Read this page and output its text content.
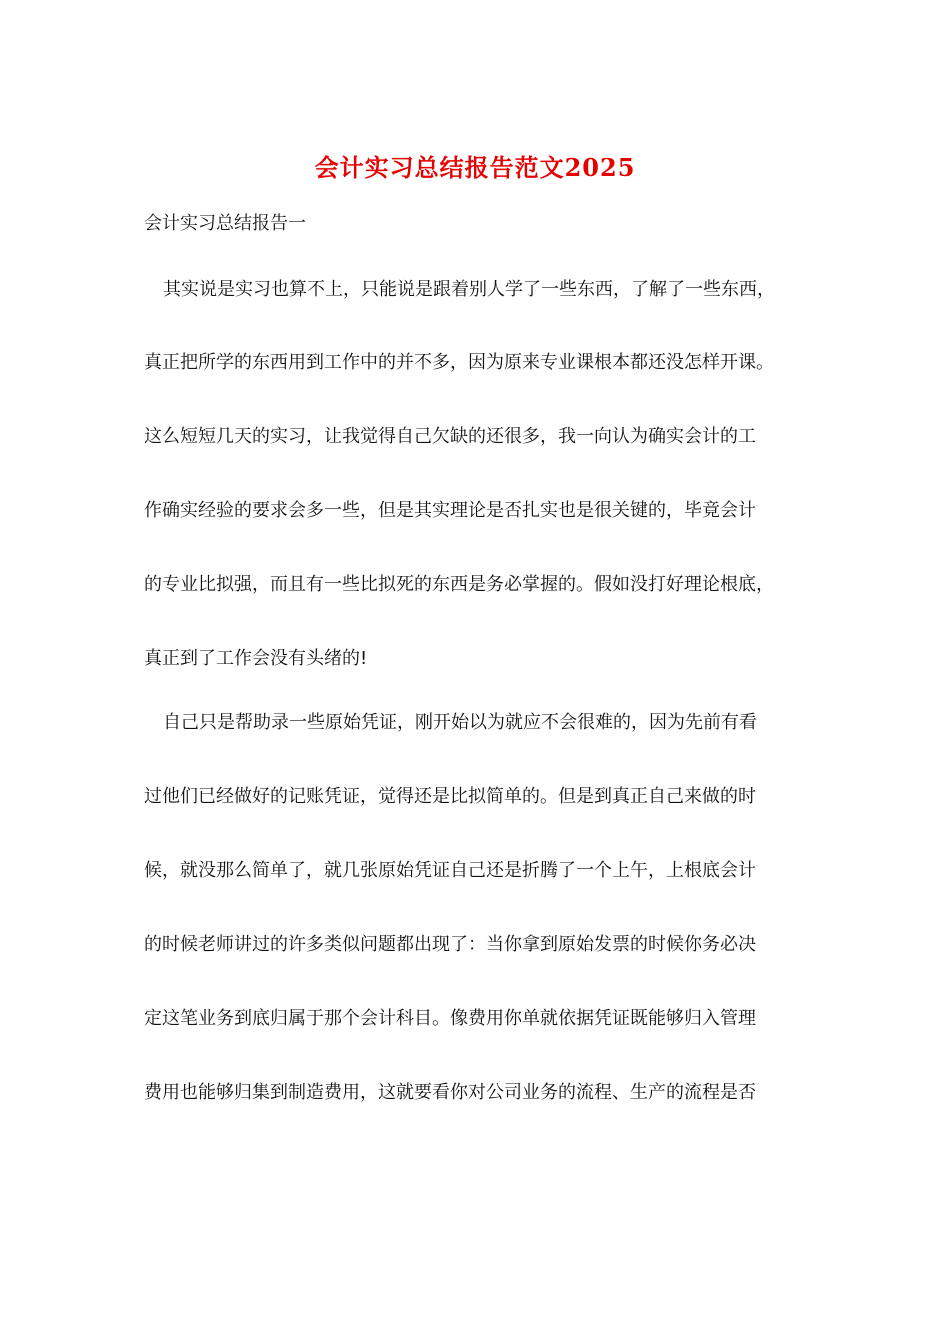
会计实习总结报告范文2025
会计实习总结报告一
其实说是实习也算不上，只能说是跟着别人学了一些东西，了解了一些东西，
真正把所学的东西用到工作中的并不多，因为原来专业课根本都还没怎样开课。
这么短短几天的实习，让我觉得自己欠缺的还很多，我一向认为确实会计的工
作确实经验的要求会多一些，但是其实理论是否扎实也是很关键的，毕竟会计
的专业比拟强，而且有一些比拟死的东西是务必掌握的。假如没打好理论根底，
真正到了工作会没有头绪的!
自己只是帮助录一些原始凭证，刚开始以为就应不会很难的，因为先前有看
过他们已经做好的记账凭证，觉得还是比拟简单的。但是到真正自己来做的时
候，就没那么简单了，就几张原始凭证自己还是折腾了一个上午，上根底会计
的时候老师讲过的许多类似问题都出现了：当你拿到原始发票的时候你务必决
定这笔业务到底归属于那个会计科目。像费用你单就依据凭证既能够归入管理
费用也能够归集到制造费用，这就要看你对公司业务的流程、生产的流程是否
